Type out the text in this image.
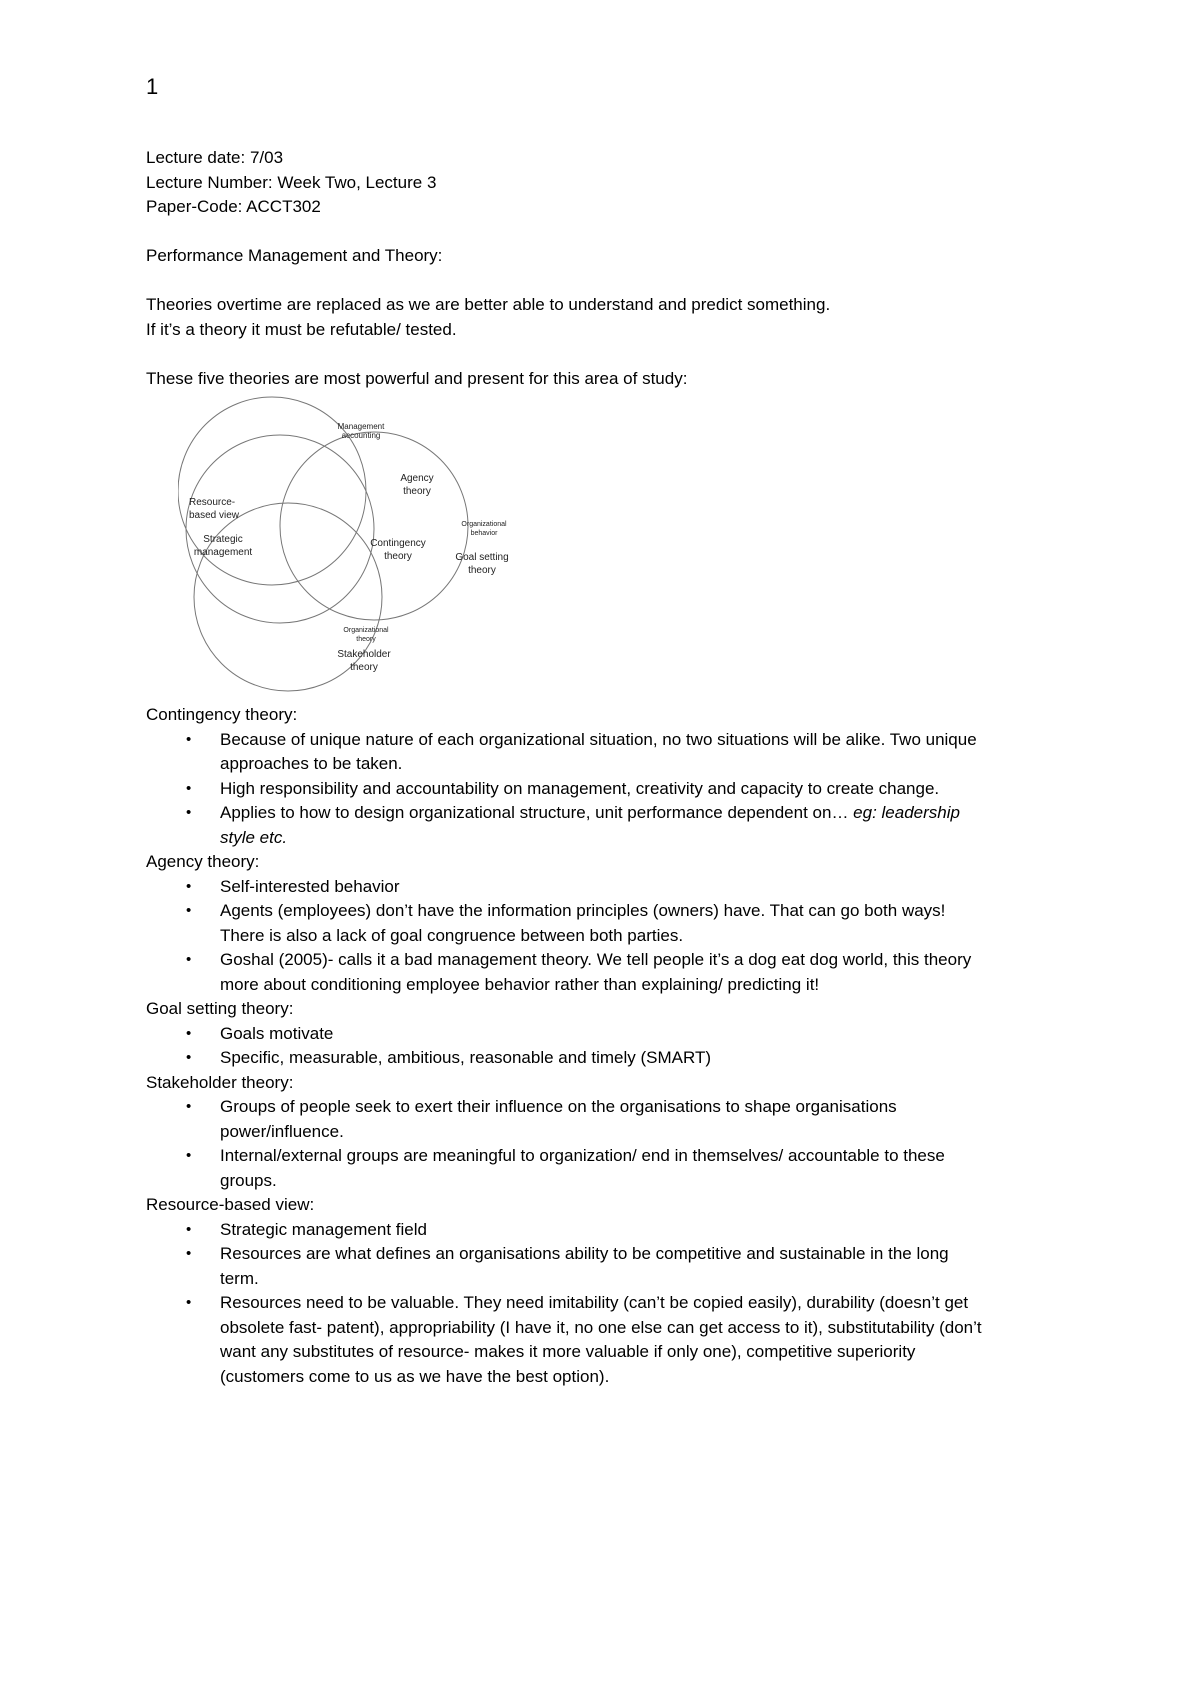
1

Lecture date: 7/03

Lecture Number: Week Two, Lecture 3

Paper-Code: ACCT302

Performance Management and Theory:

Theories overtime are replaced as we are better able to understand and predict something.

If it’s a theory it must be refutable/ tested.

These five theories are most powerful and present for this area of study:

Management
accounting
Agency
theory
Resource-
based view
Strategic
management
Organizational
behavior
Goal setting
theory
Contingency
theory
Organizational
theory
Stakeholder
theory

Contingency theory:

• Because of unique nature of each organizational situation, no two situations will be alike. Two unique
approaches to be taken.
• High responsibility and accountability on management, creativity and capacity to create change.
• Applies to how to design organizational structure, unit performance dependent on… eg: leadership
style etc.

Agency theory:

• Self-interested behavior
• Agents (employees) don’t have the information principles (owners) have. That can go both ways!
There is also a lack of goal congruence between both parties.
• Goshal (2005)- calls it a bad management theory. We tell people it’s a dog eat dog world, this theory
more about conditioning employee behavior rather than explaining/ predicting it!

Goal setting theory:

• Goals motivate
• Specific, measurable, ambitious, reasonable and timely (SMART)

Stakeholder theory:

• Groups of people seek to exert their influence on the organisations to shape organisations
power/influence.
• Internal/external groups are meaningful to organization/ end in themselves/ accountable to these
groups.

Resource-based view:

• Strategic management field
• Resources are what defines an organisations ability to be competitive and sustainable in the long
term.
• Resources need to be valuable. They need imitability (can’t be copied easily), durability (doesn’t get
obsolete fast- patent), appropriability (I have it, no one else can get access to it), substitutability (don’t
want any substitutes of resource- makes it more valuable if only one), competitive superiority
(customers come to us as we have the best option).
